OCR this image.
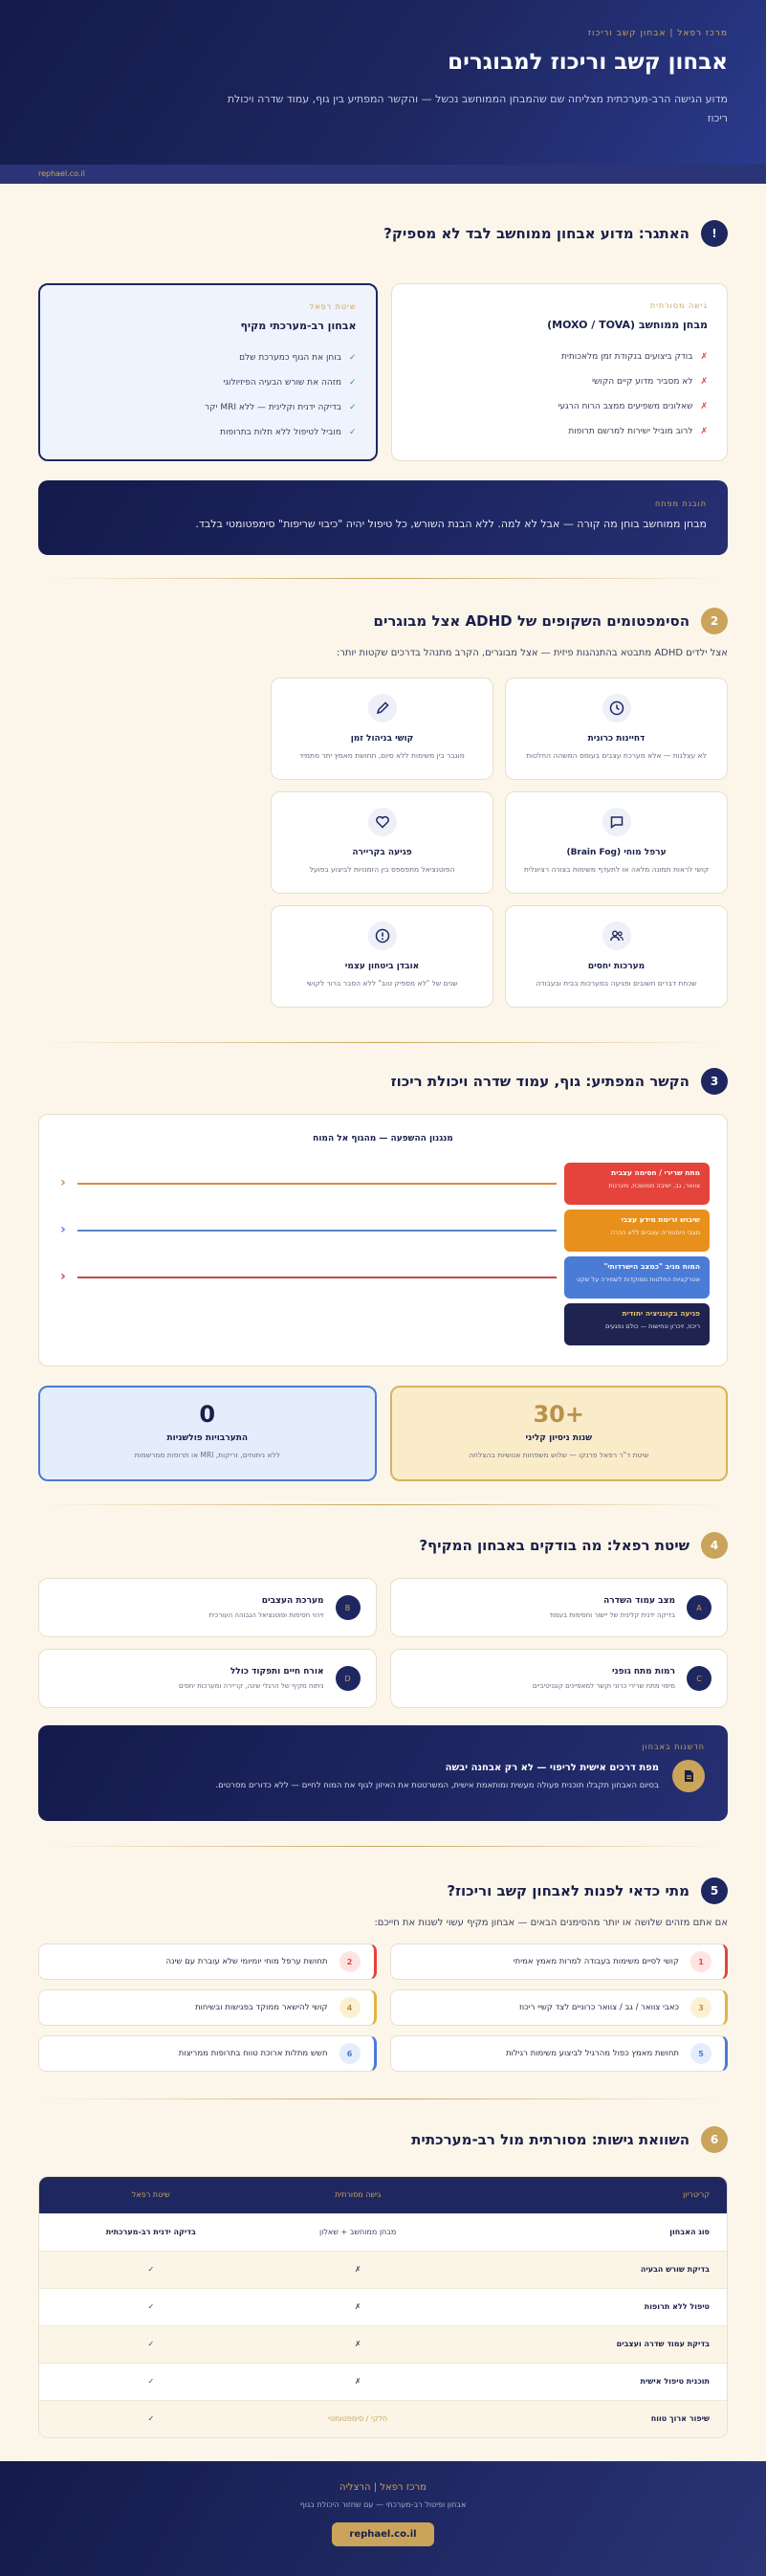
מרכז רפאל | אבחון קשב וריכוז
אבחון קשב וריכוז למבוגרים

מדוע הגישה הרב-מערכתית מצליחה שם שהמבחן הממוחשב נכשל — והקשר המפתיע בין גוף, עמוד שדרה ויכולת ריכוז

rephael.co.il
!
האתגר: מדוע אבחון ממוחשב לבד לא מספיק?
גישה מסורתית
מבחן ממוחשב (MOXO / TOVA)
✗
בודק ביצועים בנקודת זמן מלאכותית
✗
לא מסביר מדוע קיים הקושי
✗
שאלונים משפיעים ממצב הרוח הרגעי
✗
לרוב מוביל ישירות למרשם תרופות
שיטת רפאל
אבחון רב-מערכתי מקיף
✓
בוחן את הגוף כמערכת שלם
✓
מזהה את שורש הבעיה הפיזיולוגי
✓
בדיקה ידנית וקלינית — ללא MRI יקר
✓
מוביל לטיפול ללא תלות בתרופות
תובנת מפתח
מבחן ממוחשב בוחן מה קורה — אבל לא למה. ללא הבנת השורש, כל טיפול יהיה "כיבוי שריפות" סימפטומטי בלבד.
2
הסימפטומים השקופים של ADHD אצל מבוגרים

אצל ילדים ADHD מתבטא בהתנהגות פיזית — אצל מבוגרים, הקרב מתנהל בדרכים שקטות יותר:

דחיינות כרונית
לא עצלנות — אלא מערכת עצבים בעומס המשהה החלטות
קושי בניהול זמן
מוגבר בין משימות ללא סיום, תחושת מאמץ יתר מתמיד
ערפל מוחי (Brain Fog)
קושי לראות תמונה מלאה או לתעדף משימות בצורה רציונלית
פגיעה בקריירה
הפוטנציאל מתפספס בין הזמנויות לביצוע בפועל
מערכות יחסים
שכחת דברים חשובים ופגיעה במערכות בבית ובעבודה
אובדן ביטחון עצמי
שנים של "לא מספיק טוב" ללא הסבר ברור לקושי
3
הקשר המפתיע: גוף, עמוד שדרה ויכולת ריכוז
מנגנון ההשפעה — מהגוף אל המוח
מתח שרירי / חסימה עצבית
צוואר, גב, ישיבה ממושכת, מיגרנות
שיבוש זרימת מידע עצבי
מצבי היסטוריה עצביים ללא הכרה
המוח מגיב "כמצב הישרדותי"
אטרקציות החלטות ממוקדות לשמירה על שקט
פגיעה בקוגניציה יחודית
ריכוז, זיכרון ונחישות — כולם נפגעים
‹
‹
‹
+30
שנות ניסיון קליני
שיטת ד"ר רפאל פרנקו — שלוש משפחות אנושיות בהצלחה
0
התערבויות פולשניות
ללא ניתוחים, זריקות, MRI או תרופות ממרשמות
4
שיטת רפאל: מה בודקים באבחון המקיף?
A
מצב עמוד השדרה
בדיקה ידנית קלינית של יישור וחסימות בעמוד
B
מערכת העצבים
זיהוי חסימות ופוטנציאל הגבוהה העורכית
C
רמות מתח גופני
מיפוי מתח שרירי כרוני וקשר למאפיינים קוגניטיביים
D
אורח חיים ותפקוד כולל
ניתוח מקיף של הרגלי שינה, קריירה ומערכות יחסים
חדשנות באבחון
מפת דרכים אישית לריפוי — לא רק אבחנה יבשה
בסיום האבחון תקבלו תוכנית פעולה מעשית ומותאמת אישית, המשרטטת את האיזון לגוף את המוח לחיים — ללא כדורים מסרטים.
5
מתי כדאי לפנות לאבחון קשב וריכוז?

אם אתם מזהים שלושה או יותר מהסימנים הבאים — אבחון מקיף עשוי לשנות את חייכם:

1
קושי לסיים משימות בעבודה למרות מאמץ אמיתי
2
תחושת ערפל מוחי יומיומי שלא עוברת עם שינה
3
כאבי צוואר / גב / צוואר כרוניים לצד קשיי ריכוז
4
קושי להישאר ממוקד בפגישות ובשיחות
5
תחושת מאמץ כפול מהרגיל לביצוע משימות רגילות
6
חשש מתלות ארוכת טווח בתרופות ממריצות
6
השוואת גישות: מסורתית מול רב-מערכתית
קריטריון	גישה מסורתית	שיטת רפאל
סוג האבחון	מבחן ממוחשב + שאלון	בדיקה ידנית רב-מערכתית
בדיקת שורש הבעיה	✗	✓
טיפול ללא תרופות	✗	✓
בדיקת עמוד שדרה ועצבים	✗	✓
תוכנית טיפול אישית	✗	✓
שיפור ארוך טווח	חלקי / סימפטומטי	✓
מרכז רפאל | הרצליה
אבחון ופיטול רב-מערכתי — עם שחזור היכולת בגוף
rephael.co.il
